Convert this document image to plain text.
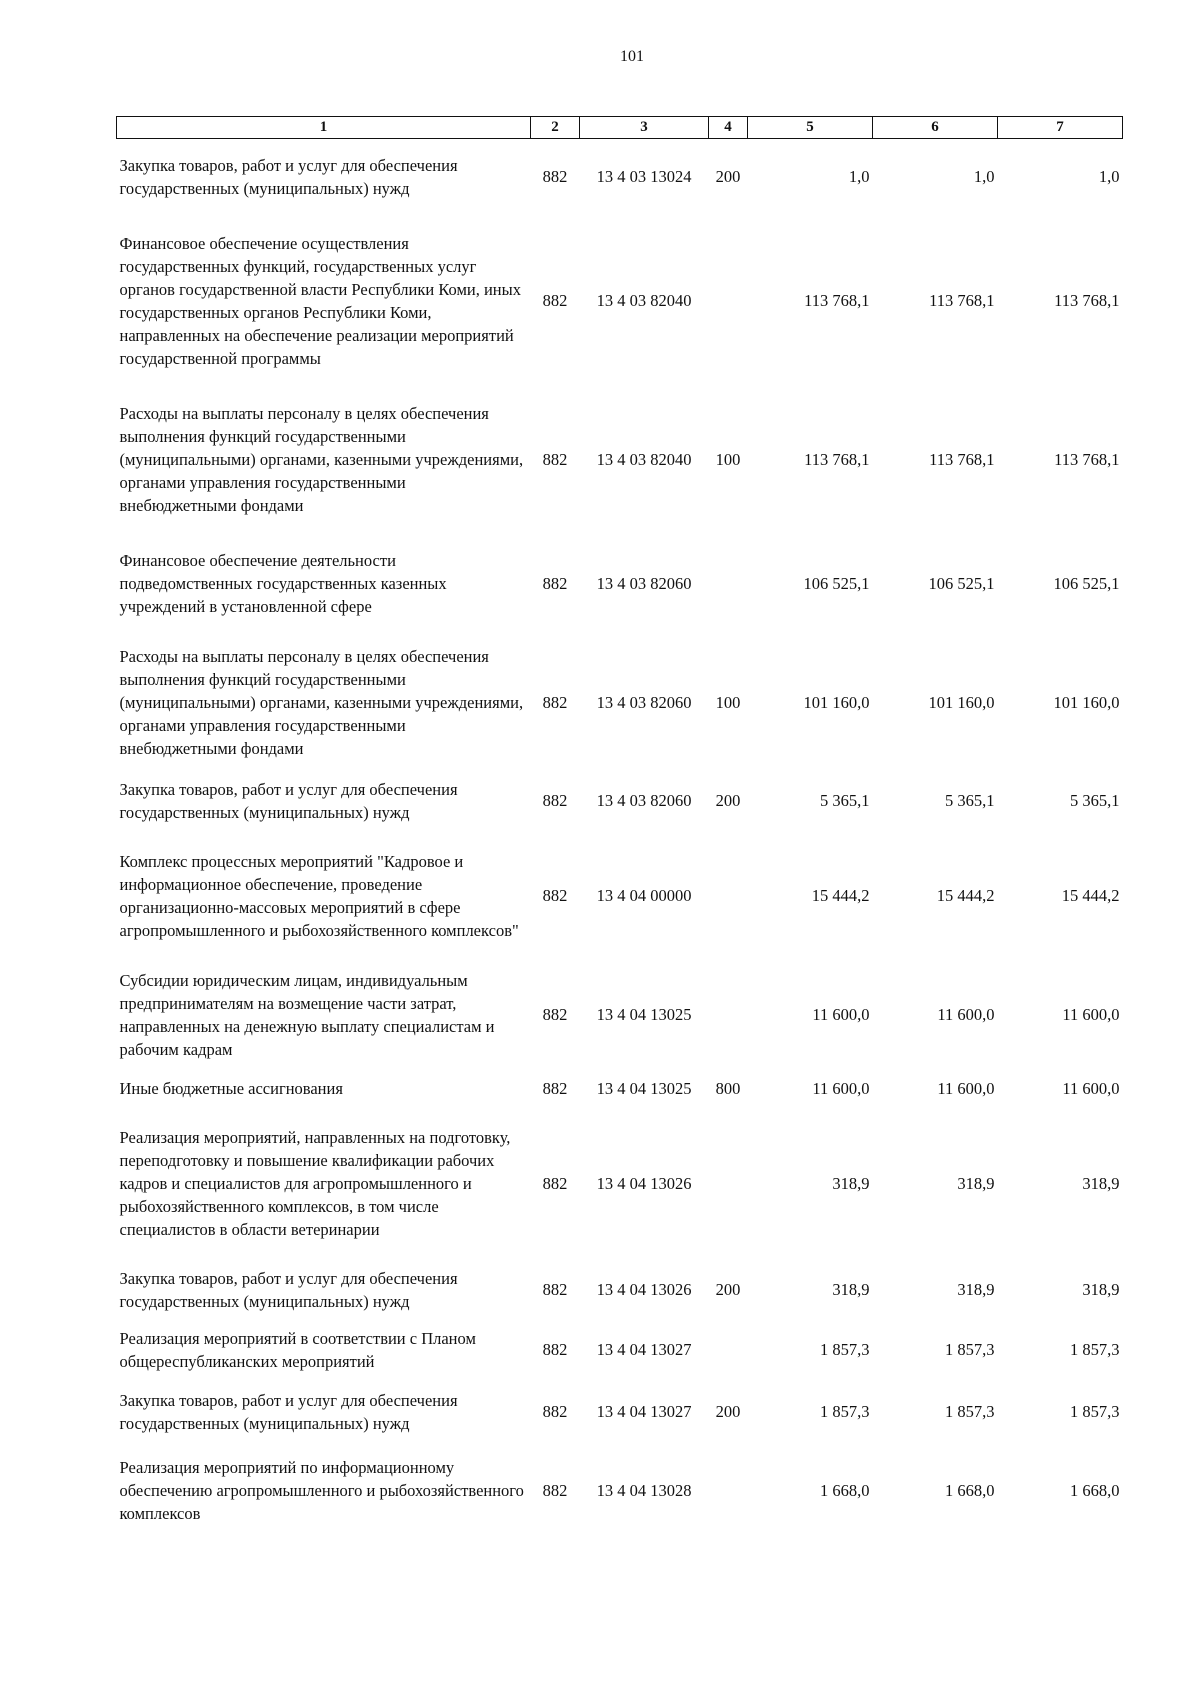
101
1	2	3	4	5	6	7
Закупка товаров, работ и услуг для обеспечения государственных (муниципальных) нужд	882	13 4 03 13024	200	1,0	1,0	1,0
Финансовое обеспечение осуществления государственных функций, государственных услуг органов государственной власти Республики Коми, иных государственных органов Республики Коми, направленных на обеспечение реализации мероприятий государственной программы	882	13 4 03 82040		113 768,1	113 768,1	113 768,1
Расходы на выплаты персоналу в целях обеспечения выполнения функций государственными (муниципальными) органами, казенными учреждениями, органами управления государственными внебюджетными фондами	882	13 4 03 82040	100	113 768,1	113 768,1	113 768,1
Финансовое обеспечение деятельности подведомственных государственных казенных учреждений в установленной сфере	882	13 4 03 82060		106 525,1	106 525,1	106 525,1
Расходы на выплаты персоналу в целях обеспечения выполнения функций государственными (муниципальными) органами, казенными учреждениями, органами управления государственными внебюджетными фондами	882	13 4 03 82060	100	101 160,0	101 160,0	101 160,0
Закупка товаров, работ и услуг для обеспечения государственных (муниципальных) нужд	882	13 4 03 82060	200	5 365,1	5 365,1	5 365,1
Комплекс процессных мероприятий "Кадровое и информационное обеспечение, проведение организационно-массовых мероприятий в сфере агропромышленного и рыбохозяйственного комплексов"	882	13 4 04 00000		15 444,2	15 444,2	15 444,2
Субсидии юридическим лицам, индивидуальным предпринимателям на возмещение части затрат, направленных на денежную выплату специалистам и рабочим кадрам	882	13 4 04 13025		11 600,0	11 600,0	11 600,0
Иные бюджетные ассигнования	882	13 4 04 13025	800	11 600,0	11 600,0	11 600,0
Реализация мероприятий, направленных на подготовку, переподготовку и повышение квалификации рабочих кадров и специалистов для агропромышленного и рыбохозяйственного комплексов, в том числе специалистов в области ветеринарии	882	13 4 04 13026		318,9	318,9	318,9
Закупка товаров, работ и услуг для обеспечения государственных (муниципальных) нужд	882	13 4 04 13026	200	318,9	318,9	318,9
Реализация мероприятий в соответствии с Планом общереспубликанских мероприятий	882	13 4 04 13027		1 857,3	1 857,3	1 857,3
Закупка товаров, работ и услуг для обеспечения государственных (муниципальных) нужд	882	13 4 04 13027	200	1 857,3	1 857,3	1 857,3
Реализация мероприятий по информационному обеспечению агропромышленного и рыбохозяйственного комплексов	882	13 4 04 13028		1 668,0	1 668,0	1 668,0
